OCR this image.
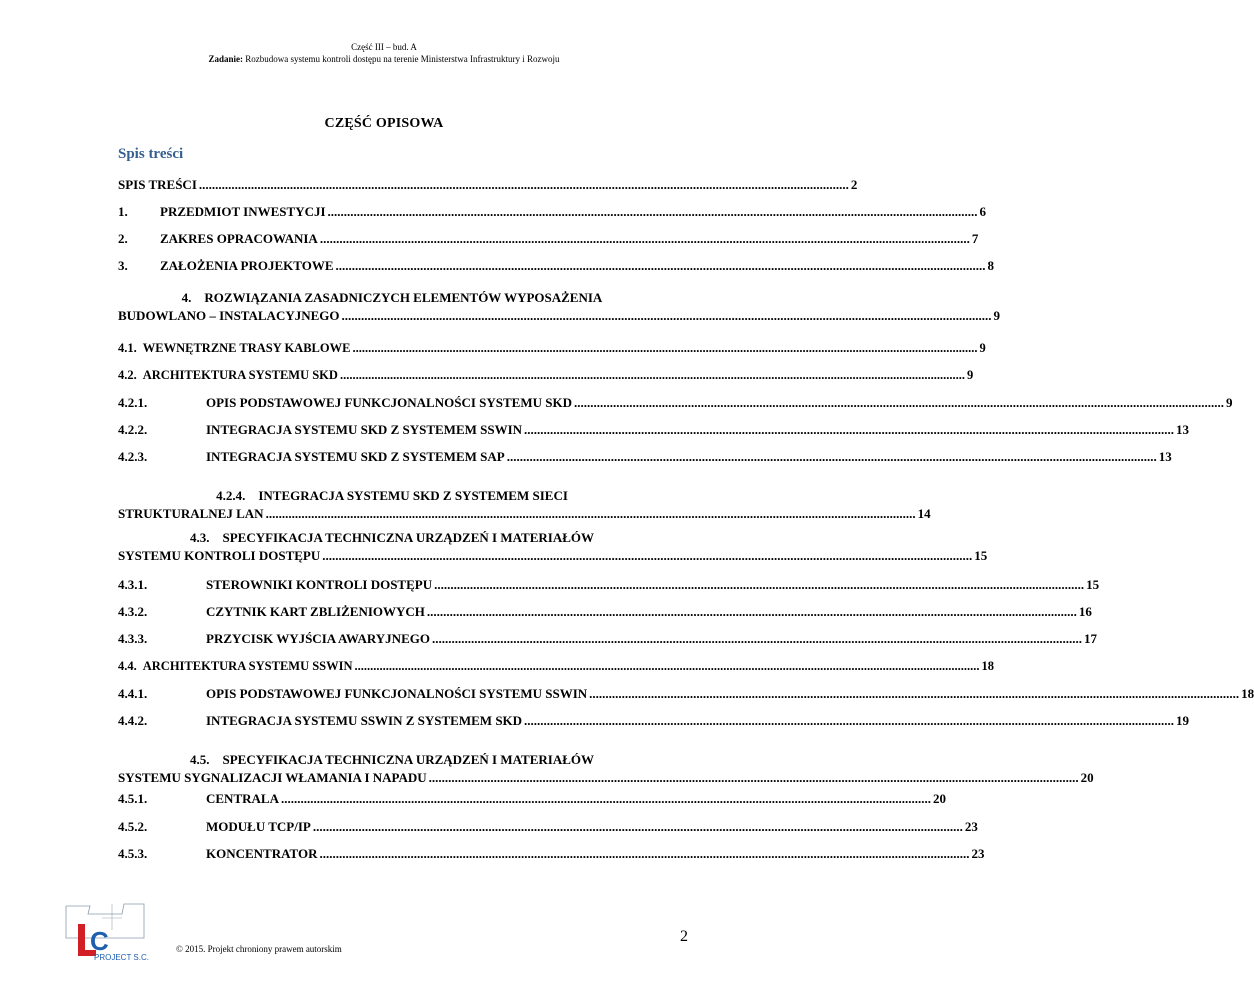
Część III – bud. A
Zadanie: Rozbudowa systemu kontroli dostępu na terenie Ministerstwa Infrastruktury i Rozwoju
CZĘŚĆ OPISOWA
Spis treści
SPIS TREŚCI ........................................................................................................................................................................................................ 2
1.	PRZEDMIOT INWESTYCJI ........................................................................................................................................................................................................ 6
2.	ZAKRES OPRACOWANIA ........................................................................................................................................................................................................ 7
3.	ZAŁOŻENIA PROJEKTOWE ........................................................................................................................................................................................................ 8
4.    ROZWIĄZANIA ZASADNICZYCH ELEMENTÓW WYPOSAŻENIA
BUDOWLANO – INSTALACYJNEGO ........................................................................................................................................................................................................ 9
4.1. WEWNĘTRZNE TRASY KABLOWE ........................................................................................................................................................................................................ 9
4.2. ARCHITEKTURA SYSTEMU SKD ........................................................................................................................................................................................................ 9
4.2.1.	OPIS PODSTAWOWEJ FUNKCJONALNOŚCI SYSTEMU SKD ........................................................................................................................................................................................................ 9
4.2.2.	INTEGRACJA SYSTEMU SKD Z SYSTEMEM SSWIN ........................................................................................................................................................................................................ 13
4.2.3.	INTEGRACJA SYSTEMU SKD Z SYSTEMEM SAP ........................................................................................................................................................................................................ 13
4.2.4.    INTEGRACJA SYSTEMU SKD Z SYSTEMEM SIECI
STRUKTURALNEJ LAN ........................................................................................................................................................................................................ 14
4.3.    SPECYFIKACJA TECHNICZNA URZĄDZEŃ I MATERIAŁÓW
SYSTEMU KONTROLI DOSTĘPU ........................................................................................................................................................................................................ 15
4.3.1.	STEROWNIKI KONTROLI DOSTĘPU ........................................................................................................................................................................................................ 15
4.3.2.	CZYTNIK KART ZBLIŻENIOWYCH ........................................................................................................................................................................................................ 16
4.3.3.	PRZYCISK WYJŚCIA AWARYJNEGO ........................................................................................................................................................................................................ 17
4.4. ARCHITEKTURA SYSTEMU SSWIN ........................................................................................................................................................................................................ 18
4.4.1.	OPIS PODSTAWOWEJ FUNKCJONALNOŚCI SYSTEMU SSWIN ........................................................................................................................................................................................................ 18
4.4.2.	INTEGRACJA SYSTEMU SSWIN Z SYSTEMEM SKD ........................................................................................................................................................................................................ 19
4.5.    SPECYFIKACJA TECHNICZNA URZĄDZEŃ I MATERIAŁÓW
SYSTEMU SYGNALIZACJI WŁAMANIA I NAPADU ........................................................................................................................................................................................................ 20
4.5.1.	CENTRALA ........................................................................................................................................................................................................ 20
4.5.2.	MODUŁU TCP/IP ........................................................................................................................................................................................................ 23
4.5.3.	KONCENTRATOR ........................................................................................................................................................................................................ 23
C
PROJECT S.C.
© 2015. Projekt chroniony prawem autorskim
2
